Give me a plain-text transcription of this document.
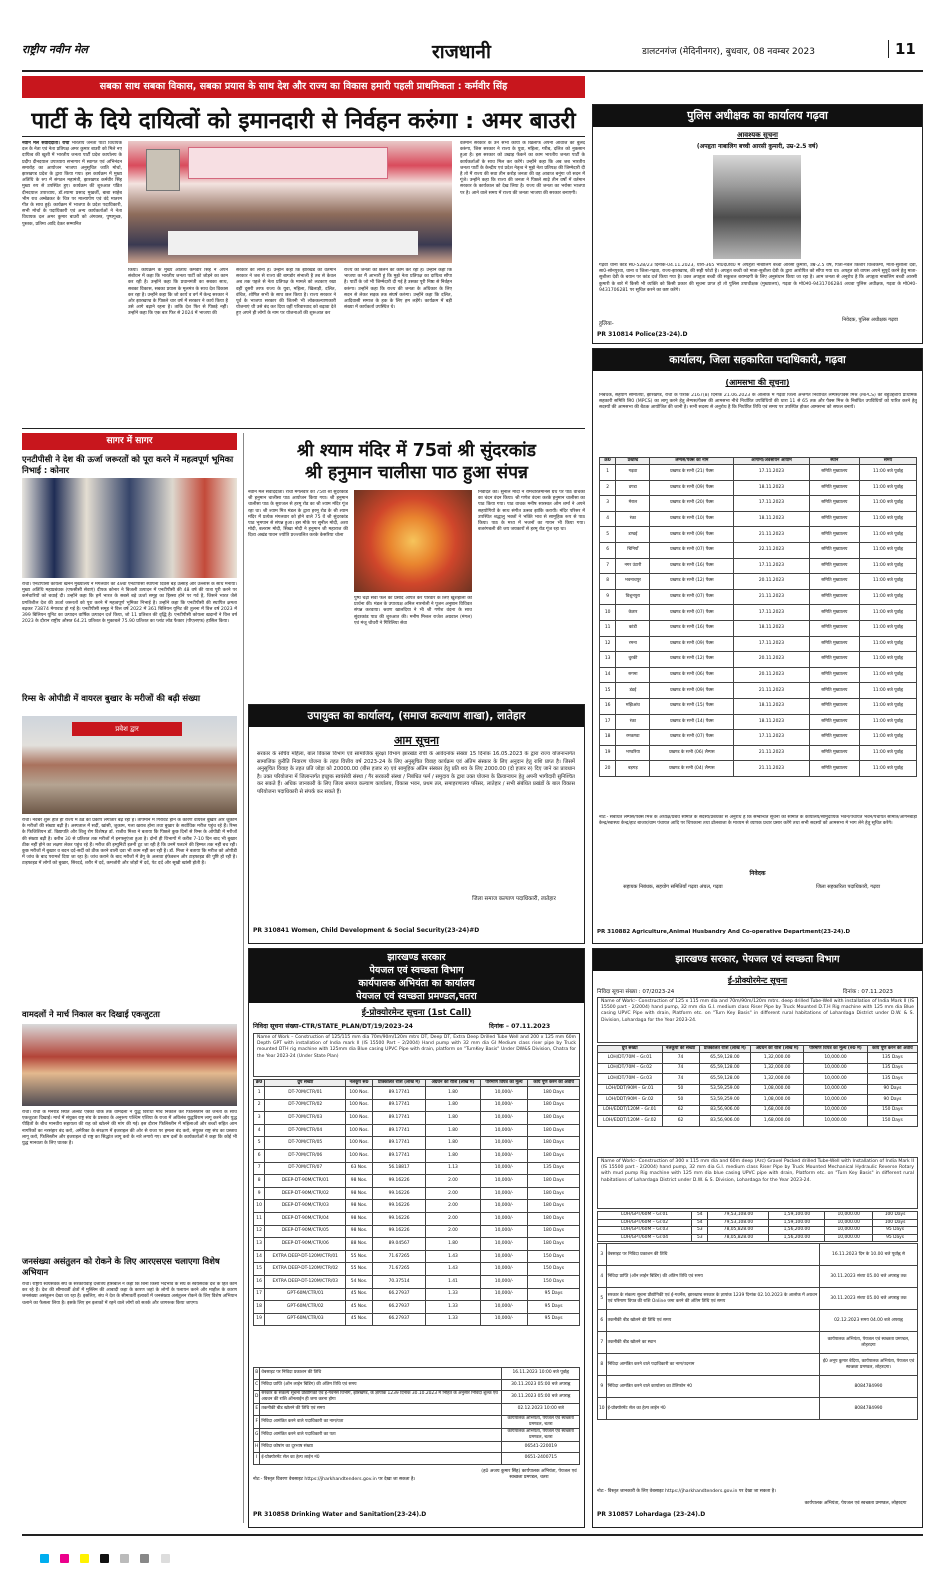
राष्ट्रीय नवीन मेल	राजधानी	डालटनगंज (मेदिनीनगर), बुधवार, 08 नवम्बर 2023	11
सबका साथ सबका विकास, सबका प्रयास के साथ देश और राज्य का विकास हमारी पहली प्राथमिकता : कर्मवीर सिंह
पार्टी के दिये दायित्वों को इमानदारी से निर्वहन करुंगा : अमर बाउरी
नवीन मेल संवाददाता। रांची भारतीय जनता पार्टी विधायक दल के नेता एवं नेता प्रतिपक्ष अमर कुमार बाउरी को मिले नए दायित्व की खुशी में भारतीय जनता पार्टी प्रदेश कार्यालय के प्रदीप दीनदयाल उपाध्याय सभागार में स्वागत एवं अभिनंदन समारोह का आयोजन भाजपा अनुसूचित जाति मोर्चा, झारखण्ड प्रदेश के द्वारा किया गया। इस कार्यक्रम में मुख्य अतिथि के रुप में संगठन महामंत्री, झारखण्ड कर्मवीर सिंह मुख्य रुप से उपस्थित हुए। कार्यक्रम की शुरुआत पंडित दीनदयाल उपाध्याय, डॉ.श्यामा प्रसाद मुखर्जी, बाबा साहेब भीम राव अम्बेडकर के चित्र पर माल्यार्पण एवं वंदे मातरम गीत के साथ हुई। कार्यक्रम में भाजपा के प्रदेश पदाधिकारी, सभी मोर्चा के पदाधिकारी एवं अन्य कार्यकर्ताओं ने नेता विधायक दल अमर कुमार बाउरी को अंगवस्त्र, पुष्पगुच्छ, पुस्तक, प्रतिमा आदि देकर सम्मानित
किया। कार्यक्रम के मुख्य अतिथि कर्मवीर सिंह ने अपने संबोधन में कहा कि भारतीय जनता पार्टी को जोड़ने का काम कर रही है। उन्होंने कहा कि प्रधानमंत्री का सबका साथ, सबका विकास, सबका प्रयास के मूलमंत्र के साथ देश विकास कर रहा है। उन्होंने कहा कि जो कार्य व वर्ग में केन्द्र सरकार ने ओर झारखण्ड के पिछले चार वर्ष में सरकार ने कार्य किया है उसे आगे बढ़ाने रहना है। ताकि देश फिर से पिछड़े नहीं। उन्होंने कहा कि एक बार फिर से 2024 में भाजपा की
सरकार को लाना है। उन्होंने कहा कि झारखंड की वर्तमान सरकार ने जब से राज्य की बागडोर संभाली है तब से केवल अब तक पहले से नेता प्रतिपक्ष के मामले को लटकाए रखा वहीं दूसरी तरफ राज्य के युवा, महिला, खिलाड़ी, दलित, वंचित, शोषित सभी के साथ छल किया है। राज्य सरकार ने पूर्व के भाजपा सरकार की जितनी भी लोककल्याणकारी योजनाएं थी उसे बंद कर दिया वहीं परिवारवाद को बढ़ावा देते हुए अपने ही लोगों के नाम पर योजनाओं की शुरूआत कर
राज्य की जनता को छलने का काम कर रही है। उन्होंने कहा कि भाजपा का मैं आभारी हूं कि मुझे नेता प्रतिपक्ष का दायित्व सौंपा है। पार्टी के जो भी जिम्मेदारी दी गई है उसका पूरी निष्ठा से निर्वहन करुंगा। उन्होंने कहा कि राज्य की जनता के अधिकार के लिए सदन से लेकर सड़क तक संघर्ष करुंगा। उन्होंने कहा कि दलित, आदिवासी समाज के हक के लिए हम लड़ेंगे। कार्यक्रम में बड़ी संख्या में कार्यकर्ता उपस्थित थे।
वर्तमान सरकार के उन सभी कार्यों के खिलाफ अपनी आवाज को बुलंद करुंगा, जिस सरकार ने राज्य के युवा, महिला, गरीब, दलित को नुकसान हुआ है। इस सरकार को उखाड़ फेंकने का काम भारतीय जनता पार्टी के कार्यकर्ताओं के साथ मिल कर करेंगे। उन्होंने कहा कि अब जब भारतीय जनता पार्टी के केन्द्रीय एवं प्रदेश नेतृत्व ने मुझे नेता प्रतिपक्ष की जिम्मेदारी दी है तो मैं राज्य की सवा तीन करोड़ जनता की वह आवाज बनूंगा जो सदन में गूंजे। उन्होंने कहा कि राज्य की जनता ने पिछले साढ़े तीन वर्षों में वर्तमान सरकार के कार्यकाल को देख लिया है। राज्य की जनता का भरोसा भाजपा पर है। आने वाले समय में राज्य की जनता भाजपा की सरकार बनाएगी।
सागर में सागर
एनटीपीसी ने देश की ऊर्जा जरूरतों को पूरा करने में महत्वपूर्ण भूमिका निभाई : कोनार
रांची। एनटीपीसी कोयला खनन मुख्यालय ने मंगलवार को 49वां एनटीपीसी स्थापना दिवस बड़े उत्साह और उल्लास के साथ मनाया। मुख्य अतिथि महाप्रबंधक (एफसीसी सेवाएं) दीपक कोनार ने बिजली उत्पादन में एनटीपीसी की 48 वर्ष की यात्रा पूरी करने पर कर्मचारियों को बधाई दी। उन्होंने कहा कि हमें भारत के सबसे बड़े ऊर्जा समूह का हिस्सा होने पर गर्व है, जिसने भारत जैसे प्रगतिशील देश की ऊर्जा जरूरतों को पूरा करने में महत्वपूर्ण भूमिका निभाई है। उन्होंने कहा कि एनटीपीसी की स्थापित क्षमता बढ़कर 73874 मेगावाट हो गई है। एनटीपीसी समूह ने वित्त वर्ष 2022 में 361 बिलियन यूनिट की तुलना में वित्त वर्ष 2023 में 399 बिलियन यूनिट का उत्पादन वार्षिक उत्पादन दर्ज किया, जो 11 प्रतिशत की वृद्धि है। एनटीपीसी कोयला खदानों ने वित्त वर्ष 2023 के दौरान राष्ट्रीय औसत 64.21 प्रतिशत के मुकाबले 75.90 प्रतिशत का प्लांट लोड फैक्टर (पीएलएफ) हासिल किया।
रिम्स के ओपीडी में वायरल बुखार के मरीजों की बढ़ी संख्या
प्रवेश द्वार
रांची। नवंबर शुरू होते ही राज्य में ठंड का प्रकोप लगातार बढ़ रहा है। तापमान में गिरावट होने के कारण वायरल बुखार और जुकाम के मरीजों की संख्या बढ़ी है। अस्पताल में सर्दी, खांसी, जुकाम, गला खराब होना तथा बुखार के सर्वाधिक मरीज पहुंच रहे हैं। रिम्स के फिजिशियन डॉ. विद्यापति और शिशु रोग विशेषज्ञ डॉ. राजीव मिश्रा ने बताया कि पिछले कुछ दिनों से रिम्स के ओपीडी में मरीजों की संख्या बढ़ी है। करीब 30 से प्रतिशत तक मरीजों में इनफ्लुएंजा हुआ है। दोनों ही विभागों में करीब 7-10 दिन बाद भी बुखार ठीक नहीं होने का लक्षण लेकर पहुंच रहे हैं। मरीज की इम्युनिटी इतनी टूट जा रही है कि उनमें पलटने की हिम्मत तक नहीं बच रही। कुछ मरीजों में बुखार व बदन दर्द-सर्दी को ठीक करने वाली दवा भी काम नहीं कर रही है। डॉ. मिश्रा ने बताया कि मरीज को ओपीडी में जांच के बाद परामर्श दिया जा रहा है। जांच कराने के बाद मरीजों में डेंगू के अलावा इंफेक्शन और टाइफाइड की पुष्टि हो रही है। टाइफाइड में लोगों को बुखार, सिरदर्द, शरीर में दर्द, कमजोरी और जोड़ों में दर्द, पेट दर्द और सूखी खांसी होती है।
वामदलों ने मार्च निकाल कर दिखाई एकजुटता
रांची। रांची के मेनरोड स्थित अल्बर्ट एक्का चौक तक वामदलों ने युद्ध विरोधी मार्च निकाल कर फिलिस्तीन की जनता के साथ एकजुटता दिखाई। मार्च में संयुक्त राष्ट्र संघ के प्रस्ताव के अनुरूप पश्चिम एशिया के राजा में अविलंब युद्धविराम लागू करने और युद्ध पीड़ितों के बीच मानवीय सहायता की राह को खोलने की मांग की गई। इस दौरान फिलिस्तीन में महिलाओं और बच्चों सहित आम नागरिकों का नरसंहार बंद करो, अमेरिका के संरक्षण में इजराइल की ओर से राजा पर हमला बंद करो, संयुक्त राष्ट्र संघ का प्रस्ताव लागू करो, फिलिस्तीन और इजराइल दो राष्ट्र का सिद्धांत लागू करो के नारे लगाये गए। वाम दलों के कार्यकर्ताओं ने कहा कि कोई भी युद्ध मानवता के लिए घातक है।
जनसंख्या असंतुलन को रोकने के लिए आरएसएस चलाएगा विशेष अभियान
रांची। राष्ट्रीय स्वयंसेवक संघ के सरकार्यवाह दत्तात्रेय होसबाले ने कहा कि बिना किसी भेदभाव के संघ के स्वयंसेवक देश के हित काम कर रहे हैं। देश की सीमावर्ती क्षेत्रों में मुस्लिम की आबादी कहा के कारण जहां के लोगों के पलायन करने और माहौल के कारण जनसंख्या असंतुलन देखा जा रहा है। इसलिए, संघ ने देश के सीमावर्ती इलाकों में जनसंख्या असंतुलन रोकने के लिए विशेष अभियान चलाने का फैसला लिया है। इसके लिए इन इलाकों में रहने वाले लोगों को सतर्क और जागरूक किया जाएगा।
श्री श्याम मंदिर में 75वां श्री सुंदरकांड
श्री हनुमान चालीसा पाठ हुआ संपन्न
नवीन मेल संवाददाता। रांची मंगलवार को 75वां श्री सुंदरकांड श्री हनुमान चालीसा पाठ आयोजन किया गया। श्री हनुमान चालीसा पाठ के सुराजल से हरमू रोड का श्री श्याम मंदिर गूंज रहा था। श्री श्याम मित्र मंडल के द्वारा हरमू रोड के श्री श्याम मंदिर में प्रत्येक मंगलवार को होने वाले 75 वें श्री सुंदरकांड पाठ भूमपान से संपन्न हुआ। इस मौके पर सुनील मोदी, अशा मोदी, बलराम मोदी, सिखा मोदी ने हनुमान जी महाराज की दिव्य अखंड पावन ज्योति प्रज्ज्वलित करके केसरिया चोला
पुष्प चढ़ा सेवा फल का प्रसाद अर्पित कर परिवार के लिए खुशहाली की प्रार्थना की। मंडल के उपाध्यक्ष अनिल नारनोली ने पूजन अनुष्ठान विधिवत संपन्न करवाया। श्रवण खालदिया ने भी श्री गणेश वंदना के साथ सुंदरकांड पाठ की शुरुआत की। मनीष मित्तल राजेश अग्रवाल (मंगल) एवं मंजू चौधरी ने गिरिलिया सेवा
निवेदित की। सुनील मोदी ने रामचरितमानस ग्रंथ पर पाठ वाचकों का चंदन वंदन किया। श्री गणेश वंदना करके हनुमान चालीसा का पाठ किया गया। पाठ वाचक मनीष सारस्वत ओम शर्मा ने अपने सहयोगियों के साथ संगीत उत्सव झांकि करायी। मंदिर परिसर में उपस्थित श्रद्धालु भक्तों ने भक्ति भाव से सामूहिक रूप से पाठ किया। पाठ के मध्य में भजनों का गायन भी किया गया। बजरंगबली की जय जयकारों से हरमू रोड गूंज रहा था।
उपायुक्त का कार्यालय, (समाज कल्याण शाखा), लातेहार
आम सूचना
सरकार के सचिव महिला, बाल विकास विभाग एवं सामाजिक सुरक्षा विभाग झारखंड रांची के आवेदनांक संख्या 15 दिनांक 16.05.2023 के द्वारा राज्य योजनान्तर्गत सामाजिक कुरीति निवारण योजना के तहत वित्तीय वर्ष 2023-24 के लिए अनुसूचित विवाह कार्यक्रम एवं अंतिम संस्कार के लिए अनुदान हेतु राशि प्राप्त है। जिसमें अनुसूचित विवाह के तहत प्रति जोड़ा को 20000.00 (बीस हजार रु) एवं सामूहिक अंतिम संस्कार हेतु प्रति शव के लिए 2000.00 (दो हजार रु) दिए जाने का प्रावधान है। उक्त परियोजना में जिलान्तर्गत इच्छुक स्वयंसेवी संस्था / गैर सरकारी संस्था / निबंधित फर्म / समुदाय के द्वारा उक्त योजना के क्रियान्वयन हेतु अपनी भागीदारी सुनिश्चित कर सकते हैं। अधिक जानकारी के लिए जिला समाज कल्याण कार्यालय, विकास भवन, प्रथम तल, समाहरणालय परिसर, लातेहार / सभी संबंधित प्रखंडों के बाल विकास परियोजना पदाधिकारी से संपर्क कर सकते हैं।
जिला समाज कल्याण पदाधिकारी, लातेहार
PR 310841 Women, Child Development & Social Security(23-24)#D
झारखण्ड सरकार
पेयजल एवं स्वच्छता विभाग
कार्यपालक अभियंता का कार्यालय
पेयजल एवं स्वच्छता प्रमण्डल,चतरा
ई-प्रोक्योरमेन्ट सूचना (1st Call)
निविदा सूचना संख्या–CTR/STATE_PLAN/DT/19/2023-24	दिनांक – 07.11.2023
Name of Work – Construction of 125/115 mm dia 70m/90m/120m mtrs DT, Deep DT, Extra Deep Drilled Tube Well and 200 x 125 mm 60m Depth GPT with installation of India mark II (IS 15500 Part – 2/2004) Hand pump with 32 mm dia GI Medium class riser pipe by Truck mounted DTH rig machine with 125mm dia Blue casing UPVC Pipe with drain, platform on "TurnKey Basis" Under DW&S Division, Chatra for the Year 2023-24 (Under State Plan)
क्र0	ग्रुप संख्या	नलकूप सं0	प्राक्कलित राशि (लाख में)	अग्रधन की राशि (लाख में)	परिमाण विपत्र का मूल्य	कार्य पूर्ण करने की अवधि
1	DT-70M/CTR/01	100 Nos.	89.17741	1.80	10,000/-	180 Days
2	DT-70M/CTR/02	100 Nos.	89.17741	1.80	10,000/-	180 Days
3	DT-70M/CTR/03	100 Nos.	89.17741	1.80	10,000/-	180 Days
4	DT-70M/CTR/04	100 Nos.	89.17741	1.80	10,000/-	180 Days
5	DT-70M/CTR/05	100 Nos.	89.17741	1.80	10,000/-	180 Days
6	DT-70M/CTR/06	100 Nos.	89.17741	1.80	10,000/-	180 Days
7	DT-70M/CTR/07	63 Nos.	56.18817	1.13	10,000/-	135 Days
8	DEEP-DT-90M/CTR/01	98 Nos.	99.16226	2.00	10,000/-	180 Days
9	DEEP-DT-90M/CTR/02	98 Nos.	99.16226	2.00	10,000/-	180 Days
10	DEEP-DT-90M/CTR/03	98 Nos.	99.16226	2.00	10,000/-	180 Days
11	DEEP-DT-90M/CTR/04	98 Nos.	99.16226	2.00	10,000/-	180 Days
12	DEEP-DT-90M/CTR/05	98 Nos.	99.16226	2.00	10,000/-	180 Days
13	DEEP-DT-90M/CTR/06	88 Nos.	89.04567	1.80	10,000/-	180 Days
14	EXTRA DEEP-DT-120M/CTR/01	55 Nos.	71.67265	1.43	10,000/-	150 Days
15	EXTRA DEEP-DT-120M/CTR/02	55 Nos.	71.67265	1.43	10,000/-	150 Days
16	EXTRA DEEP-DT-120M/CTR/03	54 Nos.	70.37514	1.41	10,000/-	150 Days
17	GPT-60M/CTR/01	45 Nos.	66.27937	1.33	10,000/-	95 Days
18	GPT-60M/CTR/02	45 Nos.	66.27937	1.33	10,000/-	95 Days
19	GPT-60M/CTR/03	45 Nos.	66.27937	1.33	10,000/-	95 Days
B	वेबसाइट पर निविदा प्रकाशन की तिथि	16.11.2023 10:00 बजे पूर्वाह्न
C	निविदा प्राप्ति (ऑन लाईन बिडिंग) की अंतिम तिथि एवं समय	30.11.2023 05:00 बजे अपराह्न
D	सरकार के संकल्प सूचना प्रौद्योगिकी एवं ई-गवर्नेंस विभाग, झारखण्ड, के ज्ञापांक 1239 दिनांक 30.10.2023 में निहित के अनुसार निविदा शुल्क एवं अग्रधन की राशि ऑनलाईन ही जमा करना होगा	30.11.2023 05:00 बजे अपराह्न
E	तकनीकी बीड खोलने की तिथि एवं समय	02.12.2023 10:00 बजे
F	निविदा आमंत्रित करने वाले पदाधिकारी का नाम/पता	कार्यपालक अभियंता, पेयजल एवं स्वच्छता प्रमण्डल, चतरा
G	निविदा आमंत्रित करने वाले पदाधिकारी का पता	कार्यपालक अभियंता, पेयजल एवं स्वच्छता प्रमण्डल, चतरा
H	निविदा कोषांग का दूरभाष संख्या	06541-220019
I	ई-प्रोक्योरमेंट सेल का हेल्प लाईन नं0	0651-2400715
नोट:- विस्तृत विवरण वेबसाइट https://jharkhandtenders.gov.in पर देखा जा सकता है।
(ह0 अजय कुमार सिंह) कार्यपालक अभियंता, पेयजल एवं स्वच्छता प्रमण्डल, चतरा
PR 310858 Drinking Water and Sanitation(23-24).D
पुलिस अधीक्षक का कार्यालय गढ़वा
आवश्यक सूचना
(अपहृता नाबालिग बच्ची आरसी कुमारी, उम्र-2.5 वर्ष)
गढ़वा थाना कांड सं0-528/23 दिनांक-04.11.2023, धारा-365 भा0द0वि0 में अपहृता नाबालिग बच्ची आरसी कुमारी, उम्र-2.5 वर्ष, पिता-नवल किशोर विश्वकर्मा, माता-सुशीला देवी, सा0-सोनपुरवा, थाना व जिला-गढ़वा, राज्य-झारखण्ड, की सही फोटो है। अपहृत बच्ची को माता-सुशीला देवी के द्वारा आरोपित को सौंपा गया था। अपहृत को वापस अपने सुपुर्द करने हेतु माता-सुशीला देवी के बयान पर कांड दर्ज किया गया है। उक्त अपहृता बच्ची की सकुशल बरामदगी के लिए अनुसंधान किया जा रहा है। आम जनता से अनुरोध है कि अपहृता नाबालिग बच्ची आरसी कुमारी के बारे में किसी भी व्यक्ति को किसी प्रकार की सूचना प्राप्त हो तो पुलिस उपाधीक्षक (मुख्यालय), गढ़वा के मो0नं0-9431706284 अथवा पुलिस अधीक्षक, गढ़वा के मो0नं0-9431706281 पर सूचित करने का कष्ट करेंगे।
हुलिया-
निवेदक, पुलिस अधीक्षक गढ़वा
PR 310814 Police(23-24).D
कार्यालय, जिला सहकारिता पदाधिकारी, गढ़वा
(आमसभा की सूचना)
निबंधक, सहयोग समितियाँ, झारखण्ड, रांची के पत्रांक 2167(8) दिनांक 21.06.2023 के आलोक में गढ़वा जिला अन्तर्गत निर्वाचित लैम्पस/पैक्स मिश्र (MPCS) की बहुउद्देशीय प्राथमिक सहकारी समिति लि0 (MPCS) का लागू करने हेतु लैम्पस/पैक्स की आमसभा नीचे निर्धारित उपविधियों की धारा 11 से 65 तक और पैक्स मिश्र के निबंधित उपविधियों को पारित करने हेतु सदस्यों की आमसभा की बैठक आयोजित की जानी है। सभी सदस्य से अनुरोध है कि निर्धारित तिथि एवं समय पर उपस्थित होकर आमसभा को सफल बनायें।
क्र0	प्रखण्ड	लैम्पस/पैक्स का नाम	आगामा/अवसायन आयाम	स्थान	समय
1	गढ़वा	प्रखण्ड के सभी (21) पैक्स	17.11.2023	समिति मुख्यालय	11:00 बजे पूर्वाह्न
2	डण्डा	प्रखण्ड के सभी (09) पैक्स	18.11.2023	समिति मुख्यालय	11:00 बजे पूर्वाह्न
3	मेराल	प्रखण्ड के सभी (20) पैक्स	17.11.2023	समिति मुख्यालय	11:00 बजे पूर्वाह्न
4	रंका	प्रखण्ड के सभी (10) पैक्स	18.11.2023	समिति मुख्यालय	11:00 बजे पूर्वाह्न
5	डण्डई	प्रखण्ड के सभी (09) पैक्स	21.11.2023	समिति मुख्यालय	11:00 बजे पूर्वाह्न
6	चिनियाँ	प्रखण्ड के सभी (07) पैक्स	22.11.2023	समिति मुख्यालय	11:00 बजे पूर्वाह्न
7	नगर उंटारी	प्रखण्ड के सभी (16) पैक्स	17.11.2023	समिति मुख्यालय	11:00 बजे पूर्वाह्न
8	भवनाथपुर	प्रखण्ड के सभी (12) पैक्स	20.11.2023	समिति मुख्यालय	11:00 बजे पूर्वाह्न
9	विशुनपुरा	प्रखण्ड के सभी (07) पैक्स	21.11.2023	समिति मुख्यालय	11:00 बजे पूर्वाह्न
10	केतार	प्रखण्ड के सभी (07) पैक्स	17.11.2023	समिति मुख्यालय	11:00 बजे पूर्वाह्न
11	कांडी	प्रखण्ड के सभी (16) पैक्स	18.11.2023	समिति मुख्यालय	11:00 बजे पूर्वाह्न
12	रमना	प्रखण्ड के सभी (09) पैक्स	17.11.2023	समिति मुख्यालय	11:00 बजे पूर्वाह्न
13	धुरकी	प्रखण्ड के सभी (12) पैक्स	20.11.2023	समिति मुख्यालय	11:00 बजे पूर्वाह्न
14	सगमा	प्रखण्ड के सभी (06) पैक्स	20.11.2023	समिति मुख्यालय	11:00 बजे पूर्वाह्न
15	डंडई	प्रखण्ड के सभी (09) पैक्स	21.11.2023	समिति मुख्यालय	11:00 बजे पूर्वाह्न
16	मझिआंव	प्रखण्ड के सभी (15) पैक्स	18.11.2023	समिति मुख्यालय	11:00 बजे पूर्वाह्न
17	रंका	प्रखण्ड के सभी (14) पैक्स	18.11.2023	समिति मुख्यालय	11:00 बजे पूर्वाह्न
18	रमकण्डा	प्रखण्ड के सभी (07) पैक्स	17.11.2023	समिति मुख्यालय	11:00 बजे पूर्वाह्न
19	भण्डरिया	प्रखण्ड के सभी (06) लैम्पस	21.11.2023	समिति मुख्यालय	11:00 बजे पूर्वाह्न
20	बड़गड़	प्रखण्ड के सभी (04) लैम्पस	21.11.2023	समिति मुख्यालय	11:00 बजे पूर्वाह्न
नोट:- संबंधित लैम्पस/पैक्स मिश्र के अध्यक्ष/प्रबंध समिति के सदस्य/प्रबंधकों से अनुरोध है कि सम्बन्धित सूचना को समिति के कार्यालय/सामुदायिक भवन/पंचायत भवन/पंचायत समिति/आंगनबाड़ी केन्द्र/स्वास्थ्य केन्द्र/हाट बाजार/ग्राम पंचायत आदि पर चिपकाना तथा ढोलबाजा के माध्यम से व्यापक प्रचार प्रसार करेंगे तथा सभी सदस्यों को आमसभा मे भाग लेने हेतु सूचित करेंगे।
निवेदक
सहायक निबंधक, सहयोग समितियाँ गढ़वा अंचल, गढ़वा	जिला सहकारिता पदाधिकारी, गढ़वा
PR 310882 Agriculture,Animal Husbandry And Co-operative Department(23-24).D
झारखण्ड सरकार, पेयजल एवं स्वच्छता विभाग
ई-प्रोक्योरमेन्ट सूचना
निविदा सूचना संख्या : 07/2023-24	दिनांक : 07.11.2023
Name of Work:- Construction of 125 x 115 mm dia and 70m/90m/120m mtrs. deep drilled Tube-Well with installation of India Mark II (IS 15500 part - 2/2004) hand pump, 32 mm dia G.I. medium class Riser Pipe by Truck Mounted D.T.H Rig machine with 125 mm dia Blue casing UPVC Pipe with drain, Platform etc. on "Turn Key Basis" in different rural habitations of Lohardaga District under D.W. & S. Division, Lohardaga for the Year 2023-24.
ग्रुप संख्या	नलकूपों की संख्या	प्राक्कलित राशि (लाख में)	अग्रधन की राशि (लाख में)	परिमाण विपत्र का मूल्य (रु0 में)	कार्य पूर्ण करने की अवधि
LOH/DT/70M – Gr.01	74	65,59,128.00	1,32,000.00	10,000.00	135 Days
LOH/DT/70M – Gr.02	74	65,59,128.00	1,32,000.00	10,000.00	135 Days
LOH/DT/70M – Gr.03	74	65,59,128.00	1,32,000.00	10,000.00	135 Days
LOH/DDT/90M – Gr.01	50	53,59,259.00	1,08,000.00	10,000.00	90 Days
LOH/DDT/90M – Gr.02	50	53,59,259.00	1,08,000.00	10,000.00	90 Days
LOH/EDDT/120M – Gr.01	62	83,56,906.00	1,68,000.00	10,000.00	150 Days
LOH/EDDT/120M – Gr.02	62	83,56,906.00	1,68,000.00	10,000.00	150 Days
Name of Work:- Construction of 300 x 115 mm dia and 60m deep (Arc) Gravel Packed drilled Tube-Well with Installation of India Mark II (IS 15500 part - 2/2004) hand pump, 32 mm dia G.I. medium class Riser Pipe by Truck Mounted Mechanical Hydraulic Reverse Rotary with mud pump Rig machine with 125 mm dia blue casing UPVC pipe with drain, Platform etc. on "Turn Key Basis" in different rural habitations of Lohardaga District under D.W. & S. Division, Lohardaga for the Year 2023-24.
LOH/GPT/60M – Gr.01	54	79,53,108.00	1,59,100.00	10,000.00	100 Days
LOH/GPT/60M – Gr.02	54	79,53,108.00	1,59,100.00	10,000.00	100 Days
LOH/GPT/60M – Gr.03	53	78,05,828.00	1,56,200.00	10,000.00	95 Days
LOH/GPT/60M – Gr.04	53	78,05,828.00	1,56,200.00	10,000.00	95 Days
3	वेबसाइट पर निविदा प्रकाशन की तिथि	16.11.2023 दिन के 10.00 बजे पूर्वाह्न से
4	निविदा प्राप्ति (ऑन लाईन बिडिंग) की अंतिम तिथि एवं समय	30.11.2023 संध्या 05.00 बजे अपराह्न तक
5	सरकार के संकल्प सूचना प्रौद्योगिकी एवं ई-गवर्नेंस, झारखण्ड सरकार के ज्ञापांक 1239 दिनांक 02.10.2023 के आलोक में अग्रधन एवं परिमाण विपत्र की राशि Online जमा करने की अंतिम तिथि एवं समय	30.11.2023 संध्या 05.00 बजे अपराह्न तक
6	तकनीकी बीड खोलने की तिथि एवं समय	02.12.2023 समय 04.00 बजे अपराह्न
7	तकनीकी बीड खोलने का स्थान	कार्यपालक अभियंता, पेयजल एवं स्वच्छता प्रमण्डल, लोहरदगा
8	निविदा आमंत्रित करने वाले पदाधिकारी का नाम/पदनाम	ई0 अनूप कुमार बेदिया, कार्यपालक अभियंता, पेयजल एवं स्वच्छता प्रमण्डल, लोहरदगा।
9	निविदा आमंत्रित करने वाले कार्यालय का टेलिफोन नं0	8084784990
10	ई-प्रोक्योरमेंट सेल का हेल्प लाईन नं0	8084784990
नोट:- विस्तृत जानकारी के लिए वेबसाइट https://jharkhandtenders.gov.in पर देखा जा सकता है।
कार्यपालक अभियंता, पेयजल एवं स्वच्छता प्रमण्डल, लोहरदगा
PR 310857 Lohardaga (23-24).D
